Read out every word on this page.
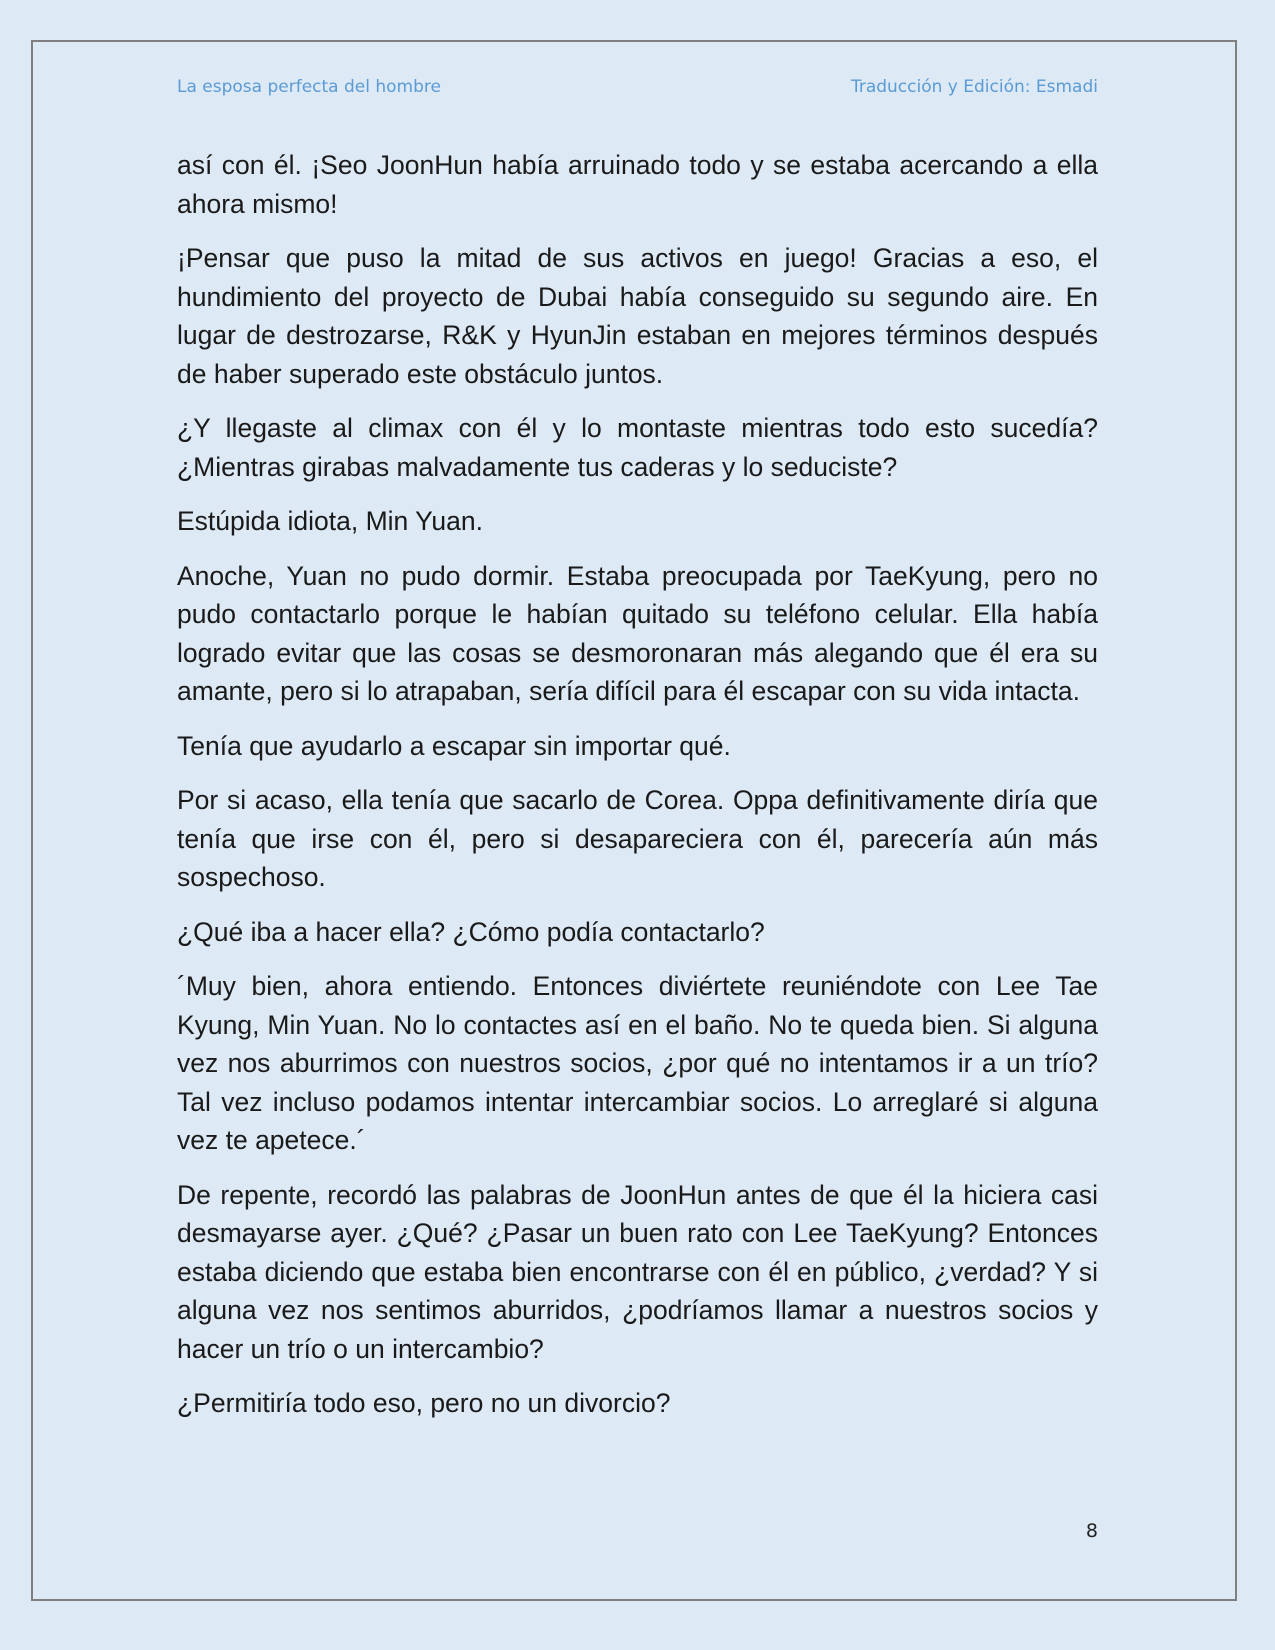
La esposa perfecta del hombre	Traducción y Edición: Esmadi

así con él. ¡Seo JoonHun había arruinado todo y se estaba acercando a ella ahora mismo!

¡Pensar que puso la mitad de sus activos en juego! Gracias a eso, el hundimiento del proyecto de Dubai había conseguido su segundo aire. En lugar de destrozarse, R&K y HyunJin estaban en mejores términos después de haber superado este obstáculo juntos.

¿Y llegaste al climax con él y lo montaste mientras todo esto sucedía? ¿Mientras girabas malvadamente tus caderas y lo seduciste?

Estúpida idiota, Min Yuan.

Anoche, Yuan no pudo dormir. Estaba preocupada por TaeKyung, pero no pudo contactarlo porque le habían quitado su teléfono celular. Ella había logrado evitar que las cosas se desmoronaran más alegando que él era su amante, pero si lo atrapaban, sería difícil para él escapar con su vida intacta.

Tenía que ayudarlo a escapar sin importar qué.

Por si acaso, ella tenía que sacarlo de Corea. Oppa definitivamente diría que tenía que irse con él, pero si desapareciera con él, parecería aún más sospechoso.

¿Qué iba a hacer ella? ¿Cómo podía contactarlo?

´Muy bien, ahora entiendo. Entonces diviértete reuniéndote con Lee Tae Kyung, Min Yuan. No lo contactes así en el baño. No te queda bien. Si alguna vez nos aburrimos con nuestros socios, ¿por qué no intentamos ir a un trío? Tal vez incluso podamos intentar intercambiar socios. Lo arreglaré si alguna vez te apetece.´

De repente, recordó las palabras de JoonHun antes de que él la hiciera casi desmayarse ayer. ¿Qué? ¿Pasar un buen rato con Lee TaeKyung? Entonces estaba diciendo que estaba bien encontrarse con él en público, ¿verdad? Y si alguna vez nos sentimos aburridos, ¿podríamos llamar a nuestros socios y hacer un trío o un intercambio?

¿Permitiría todo eso, pero no un divorcio?

8
